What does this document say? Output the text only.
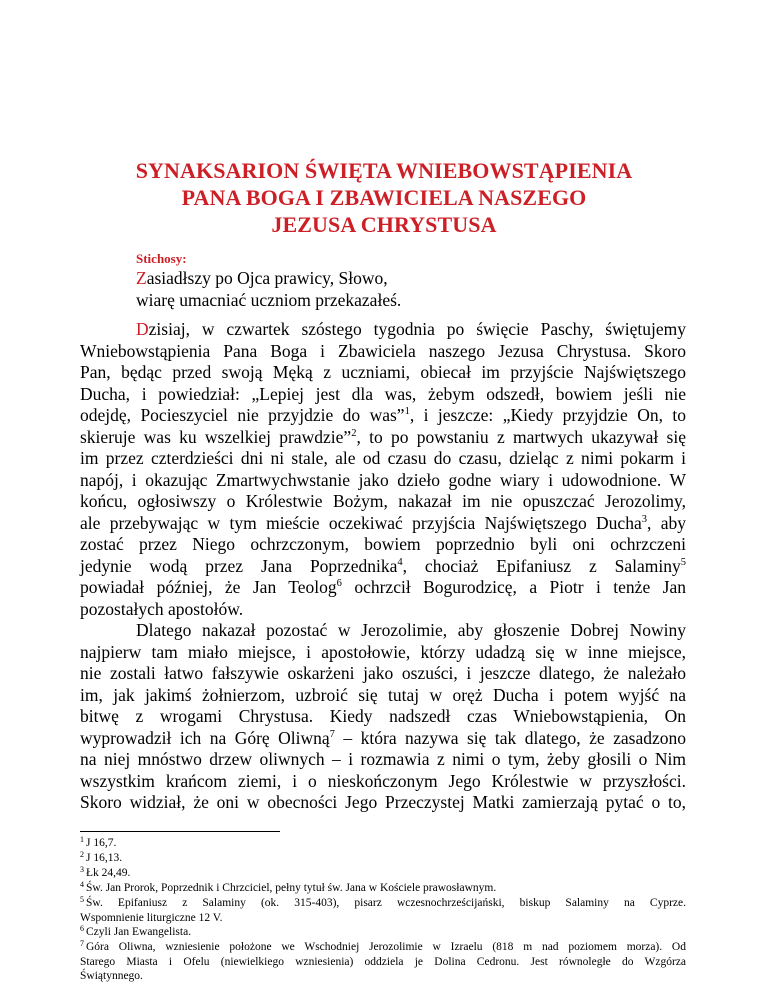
SYNAKSARION ŚWIĘTA WNIEBOWSTĄPIENIA
PANA BOGA I ZBAWICIELA NASZEGO
JEZUSA CHRYSTUSA
Stichosy:
Zasiadłszy po Ojca prawicy, Słowo,
wiarę umacniać uczniom przekazałeś.
Dzisiaj, w czwartek szóstego tygodnia po święcie Paschy, świętujemy
Wniebowstąpienia Pana Boga i Zbawiciela naszego Jezusa Chrystusa. Skoro
Pan, będąc przed swoją Męką z uczniami, obiecał im przyjście Najświętszego
Ducha, i powiedział: „Lepiej jest dla was, żebym odszedł, bowiem jeśli nie
odejdę, Pocieszyciel nie przyjdzie do was”$^1$, i jeszcze: „Kiedy przyjdzie On, to
skieruje was ku wszelkiej prawdzie”$^2$, to po powstaniu z martwych ukazywał się
im przez czterdzieści dni ni stale, ale od czasu do czasu, dzieląc z nimi pokarm i
napój, i okazując Zmartwychwstanie jako dzieło godne wiary i udowodnione. W
końcu, ogłosiwszy o Królestwie Bożym, nakazał im nie opuszczać Jerozolimy,
ale przebywając w tym mieście oczekiwać przyjścia Najświętszego Ducha$^3$, aby
zostać przez Niego ochrzczonym, bowiem poprzednio byli oni ochrzczeni
jedynie wodą przez Jana Poprzednika$^4$, chociaż Epifaniusz z Salaminy$^5$
powiadał później, że Jan Teolog$^6$ ochrzcił Bogurodzicę, a Piotr i tenże Jan
pozostałych apostołów.
Dlatego nakazał pozostać w Jerozolimie, aby głoszenie Dobrej Nowiny
najpierw tam miało miejsce, i apostołowie, którzy udadzą się w inne miejsce,
nie zostali łatwo fałszywie oskarżeni jako oszuści, i jeszcze dlatego, że należało
im, jak jakimś żołnierzom, uzbroić się tutaj w oręż Ducha i potem wyjść na
bitwę z wrogami Chrystusa. Kiedy nadszedł czas Wniebowstąpienia, On
wyprowadził ich na Górę Oliwną$^7$ – która nazywa się tak dlatego, że zasadzono
na niej mnóstwo drzew oliwnych – i rozmawia z nimi o tym, żeby głosili o Nim
wszystkim krańcom ziemi, i o nieskończonym Jego Królestwie w przyszłości.
Skoro widział, że oni w obecności Jego Przeczystej Matki zamierzają pytać o to,
$^1$ J 16,7.
$^2$ J 16,13.
$^3$ Łk 24,49.
$^4$ Św. Jan Prorok, Poprzednik i Chrzciciel, pełny tytuł św. Jana w Kościele prawosławnym.
$^5$ Św. Epifaniusz z Salaminy (ok. 315-403), pisarz wczesnochrześcijański, biskup Salaminy na Cyprze.
Wspomnienie liturgiczne 12 V.
$^6$ Czyli Jan Ewangelista.
$^7$ Góra Oliwna, wzniesienie położone we Wschodniej Jerozolimie w Izraelu (818 m nad poziomem morza). Od
Starego Miasta i Ofelu (niewielkiego wzniesienia) oddziela je Dolina Cedronu. Jest równoległe do Wzgórza
Świątynnego.
